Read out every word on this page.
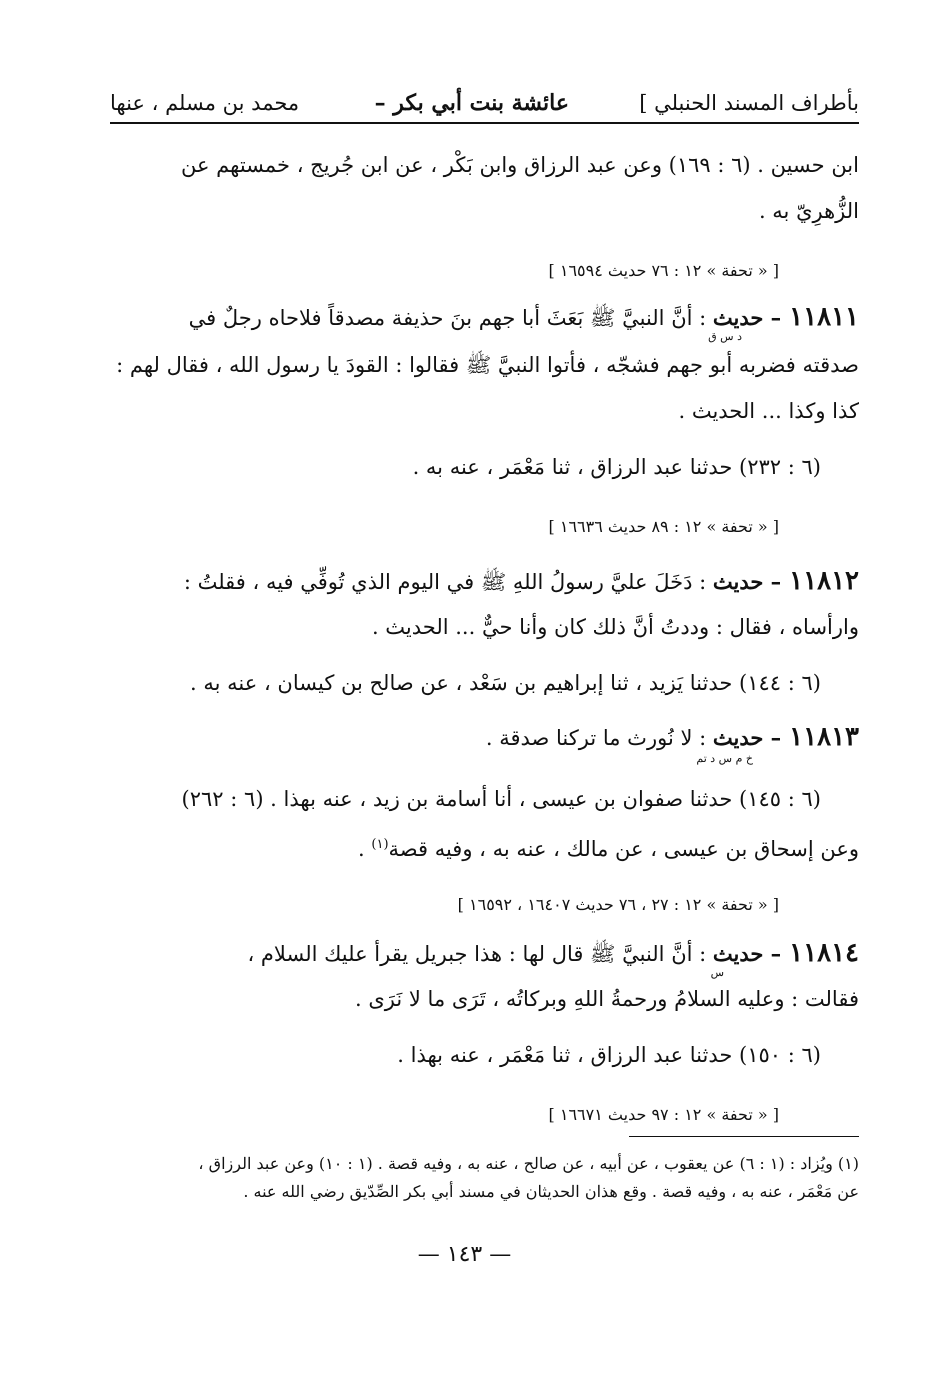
بأطراف المسند الحنبلي ]
عائشة بنت أبي بكر –
محمد بن مسلم ، عنها
ابن حسين . (٦ : ١٦٩) وعن عبد الرزاق وابن بَكْر ، عن ابن جُريج ، خمستهم عن
الزُّهرِيّ به .
[ « تحفة » ١٢ : ٧٦ حديث ١٦٥٩٤ ]
١١٨١١– حديث : أنَّ النبيَّ ﷺ بَعَثَ أبا جهم بنَ حذيفة مصدقاً فلاحاه رجلٌ في
د س ق
صدقته فضربه أبو جهم فشجّه ، فأتوا النبيَّ ﷺ فقالوا : القودَ يا رسول الله ، فقال لهم :
كذا وكذا ... الحديث .
(٦ : ٢٣٢) حدثنا عبد الرزاق ، ثنا مَعْمَر ، عنه به .
[ « تحفة » ١٢ : ٨٩ حديث ١٦٦٣٦ ]
١١٨١٢– حديث : دَخَلَ عليَّ رسولُ اللهِ ﷺ في اليوم الذي تُوفِّي فيه ، فقلتُ :
وارأساه ، فقال : وددتُ أنَّ ذلك كان وأنا حيٌّ ... الحديث .
(٦ : ١٤٤) حدثنا يَزيد ، ثنا إبراهيم بن سَعْد ، عن صالح بن كيسان ، عنه به .
١١٨١٣– حديث : لا نُورث ما تركنا صدقة .
خ م س د تم
(٦ : ١٤٥) حدثنا صفوان بن عيسى ، أنا أسامة بن زيد ، عنه بهذا . (٦ : ٢٦٢)
وعن إسحاق بن عيسى ، عن مالك ، عنه به ، وفيه قصة$^{(١)}$ .
[ « تحفة » ١٢ : ٢٧ ، ٧٦ حديث ١٦٤٠٧ ، ١٦٥٩٢ ]
١١٨١٤– حديث : أنَّ النبيَّ ﷺ قال لها : هذا جبريل يقرأ عليك السلام ،
س
فقالت : وعليه السلامُ ورحمةُ اللهِ وبركاتُه ، تَرَى ما لا نَرَى .
(٦ : ١٥٠) حدثنا عبد الرزاق ، ثنا مَعْمَر ، عنه بهذا .
[ « تحفة » ١٢ : ٩٧ حديث ١٦٦٧١ ]
(١) ويُزاد : (١ : ٦) عن يعقوب ، عن أبيه ، عن صالح ، عنه به ، وفيه قصة . (١ : ١٠) وعن عبد الرزاق ،
عن مَعْمَر ، عنه به ، وفيه قصة . وقع هذان الحديثان في مسند أبي بكر الصِّدّيق رضي الله عنه .
— ١٤٣ —
